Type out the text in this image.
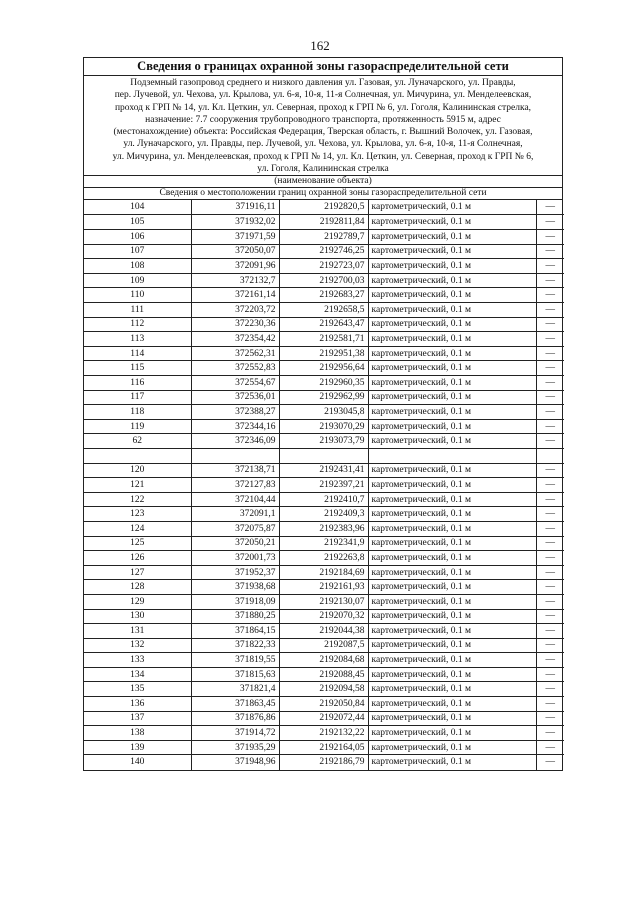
162
Сведения о границах охранной зоны газораспределительной сети
Подземный газопровод среднего и низкого давления ул. Газовая, ул. Луначарского, ул. Правды,
пер. Лучевой, ул. Чехова, ул. Крылова, ул. 6-я, 10-я, 11-я Солнечная, ул. Мичурина, ул. Менделеевская,
проход к ГРП № 14, ул. Кл. Цеткин, ул. Северная, проход к ГРП № 6, ул. Гоголя, Калининская стрелка,
назначение: 7.7 сооружения трубопроводного транспорта, протяженность 5915 м, адрес
(местонахождение) объекта: Российская Федерация, Тверская область, г. Вышний Волочек, ул. Газовая,
ул. Луначарского, ул. Правды, пер. Лучевой, ул. Чехова, ул. Крылова, ул. 6-я, 10-я, 11-я Солнечная,
ул. Мичурина, ул. Менделеевская, проход к ГРП № 14, ул. Кл. Цеткин, ул. Северная, проход к ГРП № 6,
ул. Гоголя, Калининская стрелка
(наименование объекта)
Сведения о местоположении границ охранной зоны газораспределительной сети
104	371916,11	2192820,5	картометрический, 0.1 м	—
105	371932,02	2192811,84	картометрический, 0.1 м	—
106	371971,59	2192789,7	картометрический, 0.1 м	—
107	372050,07	2192746,25	картометрический, 0.1 м	—
108	372091,96	2192723,07	картометрический, 0.1 м	—
109	372132,7	2192700,03	картометрический, 0.1 м	—
110	372161,14	2192683,27	картометрический, 0.1 м	—
111	372203,72	2192658,5	картометрический, 0.1 м	—
112	372230,36	2192643,47	картометрический, 0.1 м	—
113	372354,42	2192581,71	картометрический, 0.1 м	—
114	372562,31	2192951,38	картометрический, 0.1 м	—
115	372552,83	2192956,64	картометрический, 0.1 м	—
116	372554,67	2192960,35	картометрический, 0.1 м	—
117	372536,01	2192962,99	картометрический, 0.1 м	—
118	372388,27	2193045,8	картометрический, 0.1 м	—
119	372344,16	2193070,29	картометрический, 0.1 м	—
62	372346,09	2193073,79	картометрический, 0.1 м	—

120	372138,71	2192431,41	картометрический, 0.1 м	—
121	372127,83	2192397,21	картометрический, 0.1 м	—
122	372104,44	2192410,7	картометрический, 0.1 м	—
123	372091,1	2192409,3	картометрический, 0.1 м	—
124	372075,87	2192383,96	картометрический, 0.1 м	—
125	372050,21	2192341,9	картометрический, 0.1 м	—
126	372001,73	2192263,8	картометрический, 0.1 м	—
127	371952,37	2192184,69	картометрический, 0.1 м	—
128	371938,68	2192161,93	картометрический, 0.1 м	—
129	371918,09	2192130,07	картометрический, 0.1 м	—
130	371880,25	2192070,32	картометрический, 0.1 м	—
131	371864,15	2192044,38	картометрический, 0.1 м	—
132	371822,33	2192087,5	картометрический, 0.1 м	—
133	371819,55	2192084,68	картометрический, 0.1 м	—
134	371815,63	2192088,45	картометрический, 0.1 м	—
135	371821,4	2192094,58	картометрический, 0.1 м	—
136	371863,45	2192050,84	картометрический, 0.1 м	—
137	371876,86	2192072,44	картометрический, 0.1 м	—
138	371914,72	2192132,22	картометрический, 0.1 м	—
139	371935,29	2192164,05	картометрический, 0.1 м	—
140	371948,96	2192186,79	картометрический, 0.1 м	—
